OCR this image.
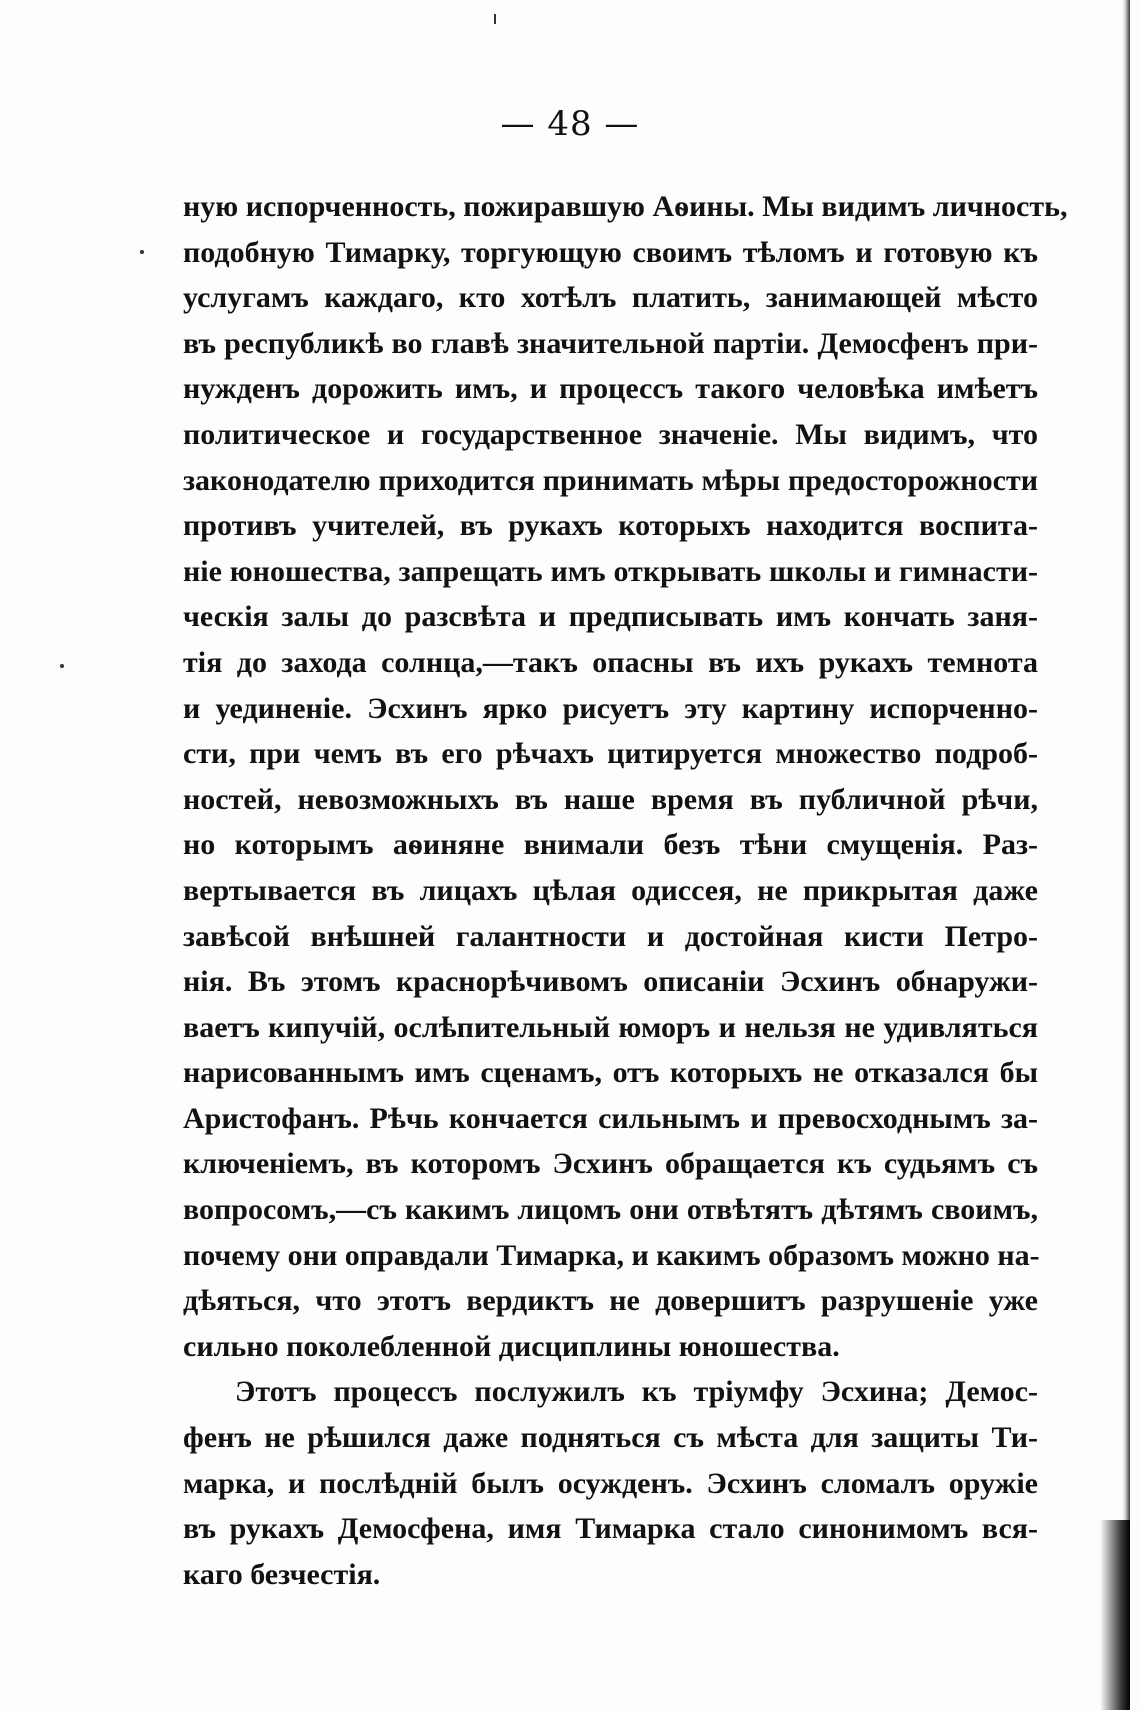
— 48 —
ную испорченность, пожиравшую Аѳины. Мы видимъ личность,
подобную Тимарку, торгующую своимъ тѣломъ и готовую къ
услугамъ каждаго, кто хотѣлъ платить, занимающей мѣсто
въ республикѣ во главѣ значительной партіи. Демосфенъ при-
нужденъ дорожить имъ, и процессъ такого человѣка имѣетъ
политическое и государственное значеніе. Мы видимъ, что
законодателю приходится принимать мѣры предосторожности
противъ учителей, въ рукахъ которыхъ находится воспита-
ніе юношества, запрещать имъ открывать школы и гимнасти-
ческія залы до разсвѣта и предписывать имъ кончать заня-
тія до захода солнца,—такъ опасны въ ихъ рукахъ темнота
и уединеніе. Эсхинъ ярко рисуетъ эту картину испорченно-
сти, при чемъ въ его рѣчахъ цитируется множество подроб-
ностей, невозможныхъ въ наше время въ публичной рѣчи,
но которымъ аѳиняне внимали безъ тѣни смущенія. Раз-
вертывается въ лицахъ цѣлая одиссея, не прикрытая даже
завѣсой внѣшней галантности и достойная кисти Петро-
нія. Въ этомъ краснорѣчивомъ описаніи Эсхинъ обнаружи-
ваетъ кипучій, ослѣпительный юморъ и нельзя не удивляться
нарисованнымъ имъ сценамъ, отъ которыхъ не отказался бы
Аристофанъ. Рѣчь кончается сильнымъ и превосходнымъ за-
ключеніемъ, въ которомъ Эсхинъ обращается къ судьямъ съ
вопросомъ,—съ какимъ лицомъ они отвѣтятъ дѣтямъ своимъ,
почему они оправдали Тимарка, и какимъ образомъ можно на-
дѣяться, что этотъ вердиктъ не довершитъ разрушеніе уже
сильно поколебленной дисциплины юношества.
Этотъ процессъ послужилъ къ тріумфу Эсхина; Демос-
фенъ не рѣшился даже подняться съ мѣста для защиты Ти-
марка, и послѣдній былъ осужденъ. Эсхинъ сломалъ оружіе
въ рукахъ Демосфена, имя Тимарка стало синонимомъ вся-
каго безчестія.
